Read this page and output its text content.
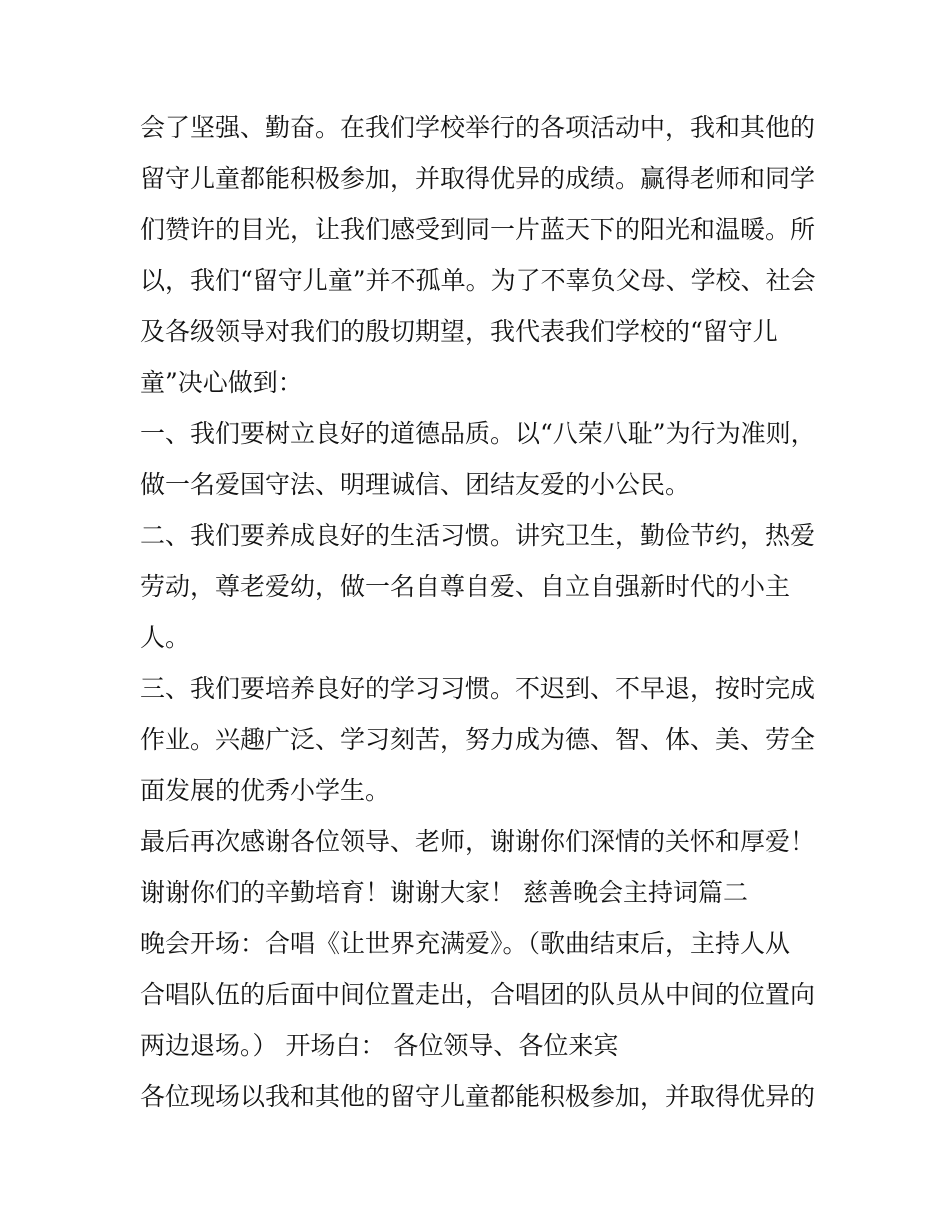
会了坚强、勤奋。在我们学校举行的各项活动中，我和其他的
留守儿童都能积极参加，并取得优异的成绩。赢得老师和同学
们赞许的目光，让我们感受到同一片蓝天下的阳光和温暖。所
以，我们“留守儿童”并不孤单。为了不辜负父母、学校、社会
及各级领导对我们的殷切期望，我代表我们学校的“留守儿
童”决心做到：
一、我们要树立良好的道德品质。以“八荣八耻”为行为准则，
做一名爱国守法、明理诚信、团结友爱的小公民。
二、我们要养成良好的生活习惯。讲究卫生，勤俭节约，热爱
劳动，尊老爱幼，做一名自尊自爱、自立自强新时代的小主
人。
三、我们要培养良好的学习习惯。不迟到、不早退，按时完成
作业。兴趣广泛、学习刻苦，努力成为德、智、体、美、劳全
面发展的优秀小学生。
最后再次感谢各位领导、老师，谢谢你们深情的关怀和厚爱！
谢谢你们的辛勤培育！谢谢大家！ 慈善晚会主持词篇二
晚会开场：合唱《让世界充满爱》。（歌曲结束后，主持人从
合唱队伍的后面中间位置走出，合唱团的队员从中间的位置向
两边退场。） 开场白： 各位领导、各位来宾
各位现场以我和其他的留守儿童都能积极参加，并取得优异的
